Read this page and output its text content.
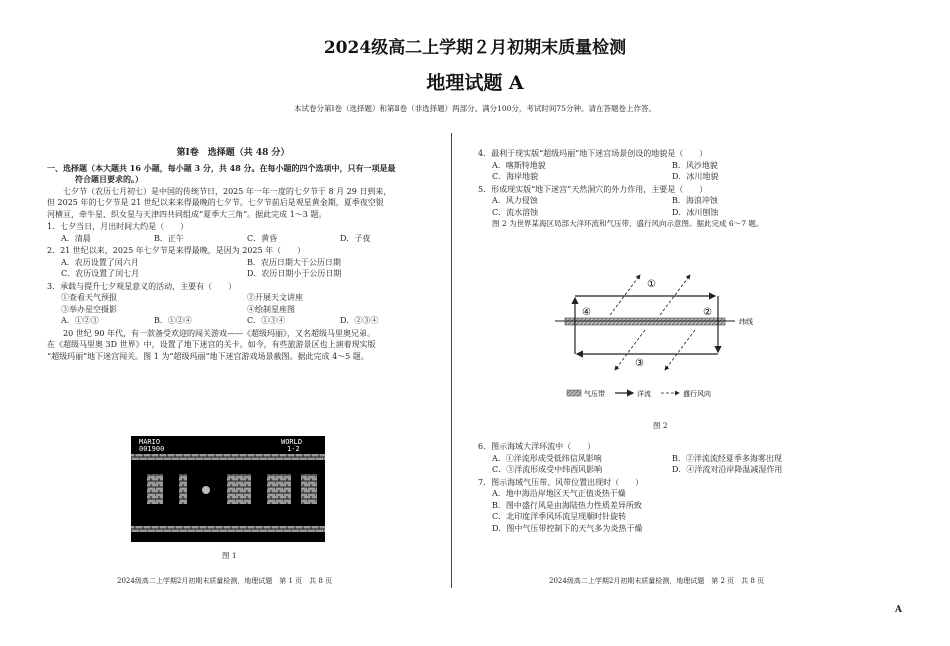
2024级高二上学期２月初期末质量检测
地理试题 A
本试卷分第Ⅰ卷（选择题）和第Ⅱ卷（非选择题）两部分。满分100分，考试时间75分钟。请在答题卷上作答。
第Ⅰ卷　选择题（共 48 分）
一、选择题（本大题共 16 小题，每小题 3 分，共 48 分。在每小题的四个选项中，只有一项是最
符合题目要求的。）
七夕节（农历七月初七）是中国的传统节日，2025 年一年一度的七夕节于 8 月 29 日到来，
但 2025 年的七夕节是 21 世纪以来来得最晚的七夕节。七夕节前后是观星黄金期，夏季夜空银
河横亘，牵牛星、织女星与天津四共同组成“夏季大三角”。据此完成 1～3 题。
1．七夕当日，月出时间大约是（　　）
A．清晨	B．正午	C．黄昏	D．子夜
2．21 世纪以来，2025 年七夕节是来得最晚，是因为 2025 年（　　）
A．农历设置了闰六月	B．农历日期大于公历日期
C．农历设置了闰七月	D．农历日期小于公历日期
3．承载与提升七夕观星意义的活动，主要有（　　）
①查看天气预报	②开展天文讲座
③举办星空摄影	④绘制星座图
A．①②③	B．①②④	C．①③④	D．②③④
20 世纪 90 年代，有一款备受欢迎的闯关游戏——《超级玛丽》，又名超级马里奥兄弟。
在《超级马里奥 3D 世界》中，设置了地下迷宫的关卡。如今，有些旅游景区也上演着现实版
“超级玛丽”地下迷宫闯关。图 1 为“超级玛丽”地下迷宫游戏场景截图。据此完成 4～5 题。
MARIO
001900
WORLD
1-2
图 1
2024级高二上学期2月初期末质量检测，地理试题　第 1 页　共 8 页
4．最利于现实版“超级玛丽”地下迷宫场景创设的地貌是（　　）
A．喀斯特地貌	B．风沙地貌
C．海岸地貌	D．冰川地貌
5．形成现实版“地下迷宫”天然洞穴的外力作用，主要是（　　）
A．风力侵蚀	B．海浪冲蚀
C．流水溶蚀	D．冰川刨蚀
图 2 为世界某海区局部大洋环流和气压带、盛行风向示意图。据此完成 6～7 题。
纬线
①
②
③
④
气压带	洋流	盛行风向
图 2
6．图示海域大洋环流中（　　）
A．①洋流形成受低纬信风影响	B．②洋流流经夏季多海雾出现
C．③洋流形成受中纬西风影响	D．④洋流对沿岸降温减湿作用
7．图示海域气压带、风带位置出现时（　　）
A．地中海沿岸地区天气正值炎热干燥
B．图中盛行风是由海陆热力性质差异所致
C．北印度洋季风环流呈现顺时针旋转
D．图中气压带控制下的天气多为炎热干燥
2024级高二上学期2月初期末质量检测，地理试题　第 2 页　共 8 页
A
